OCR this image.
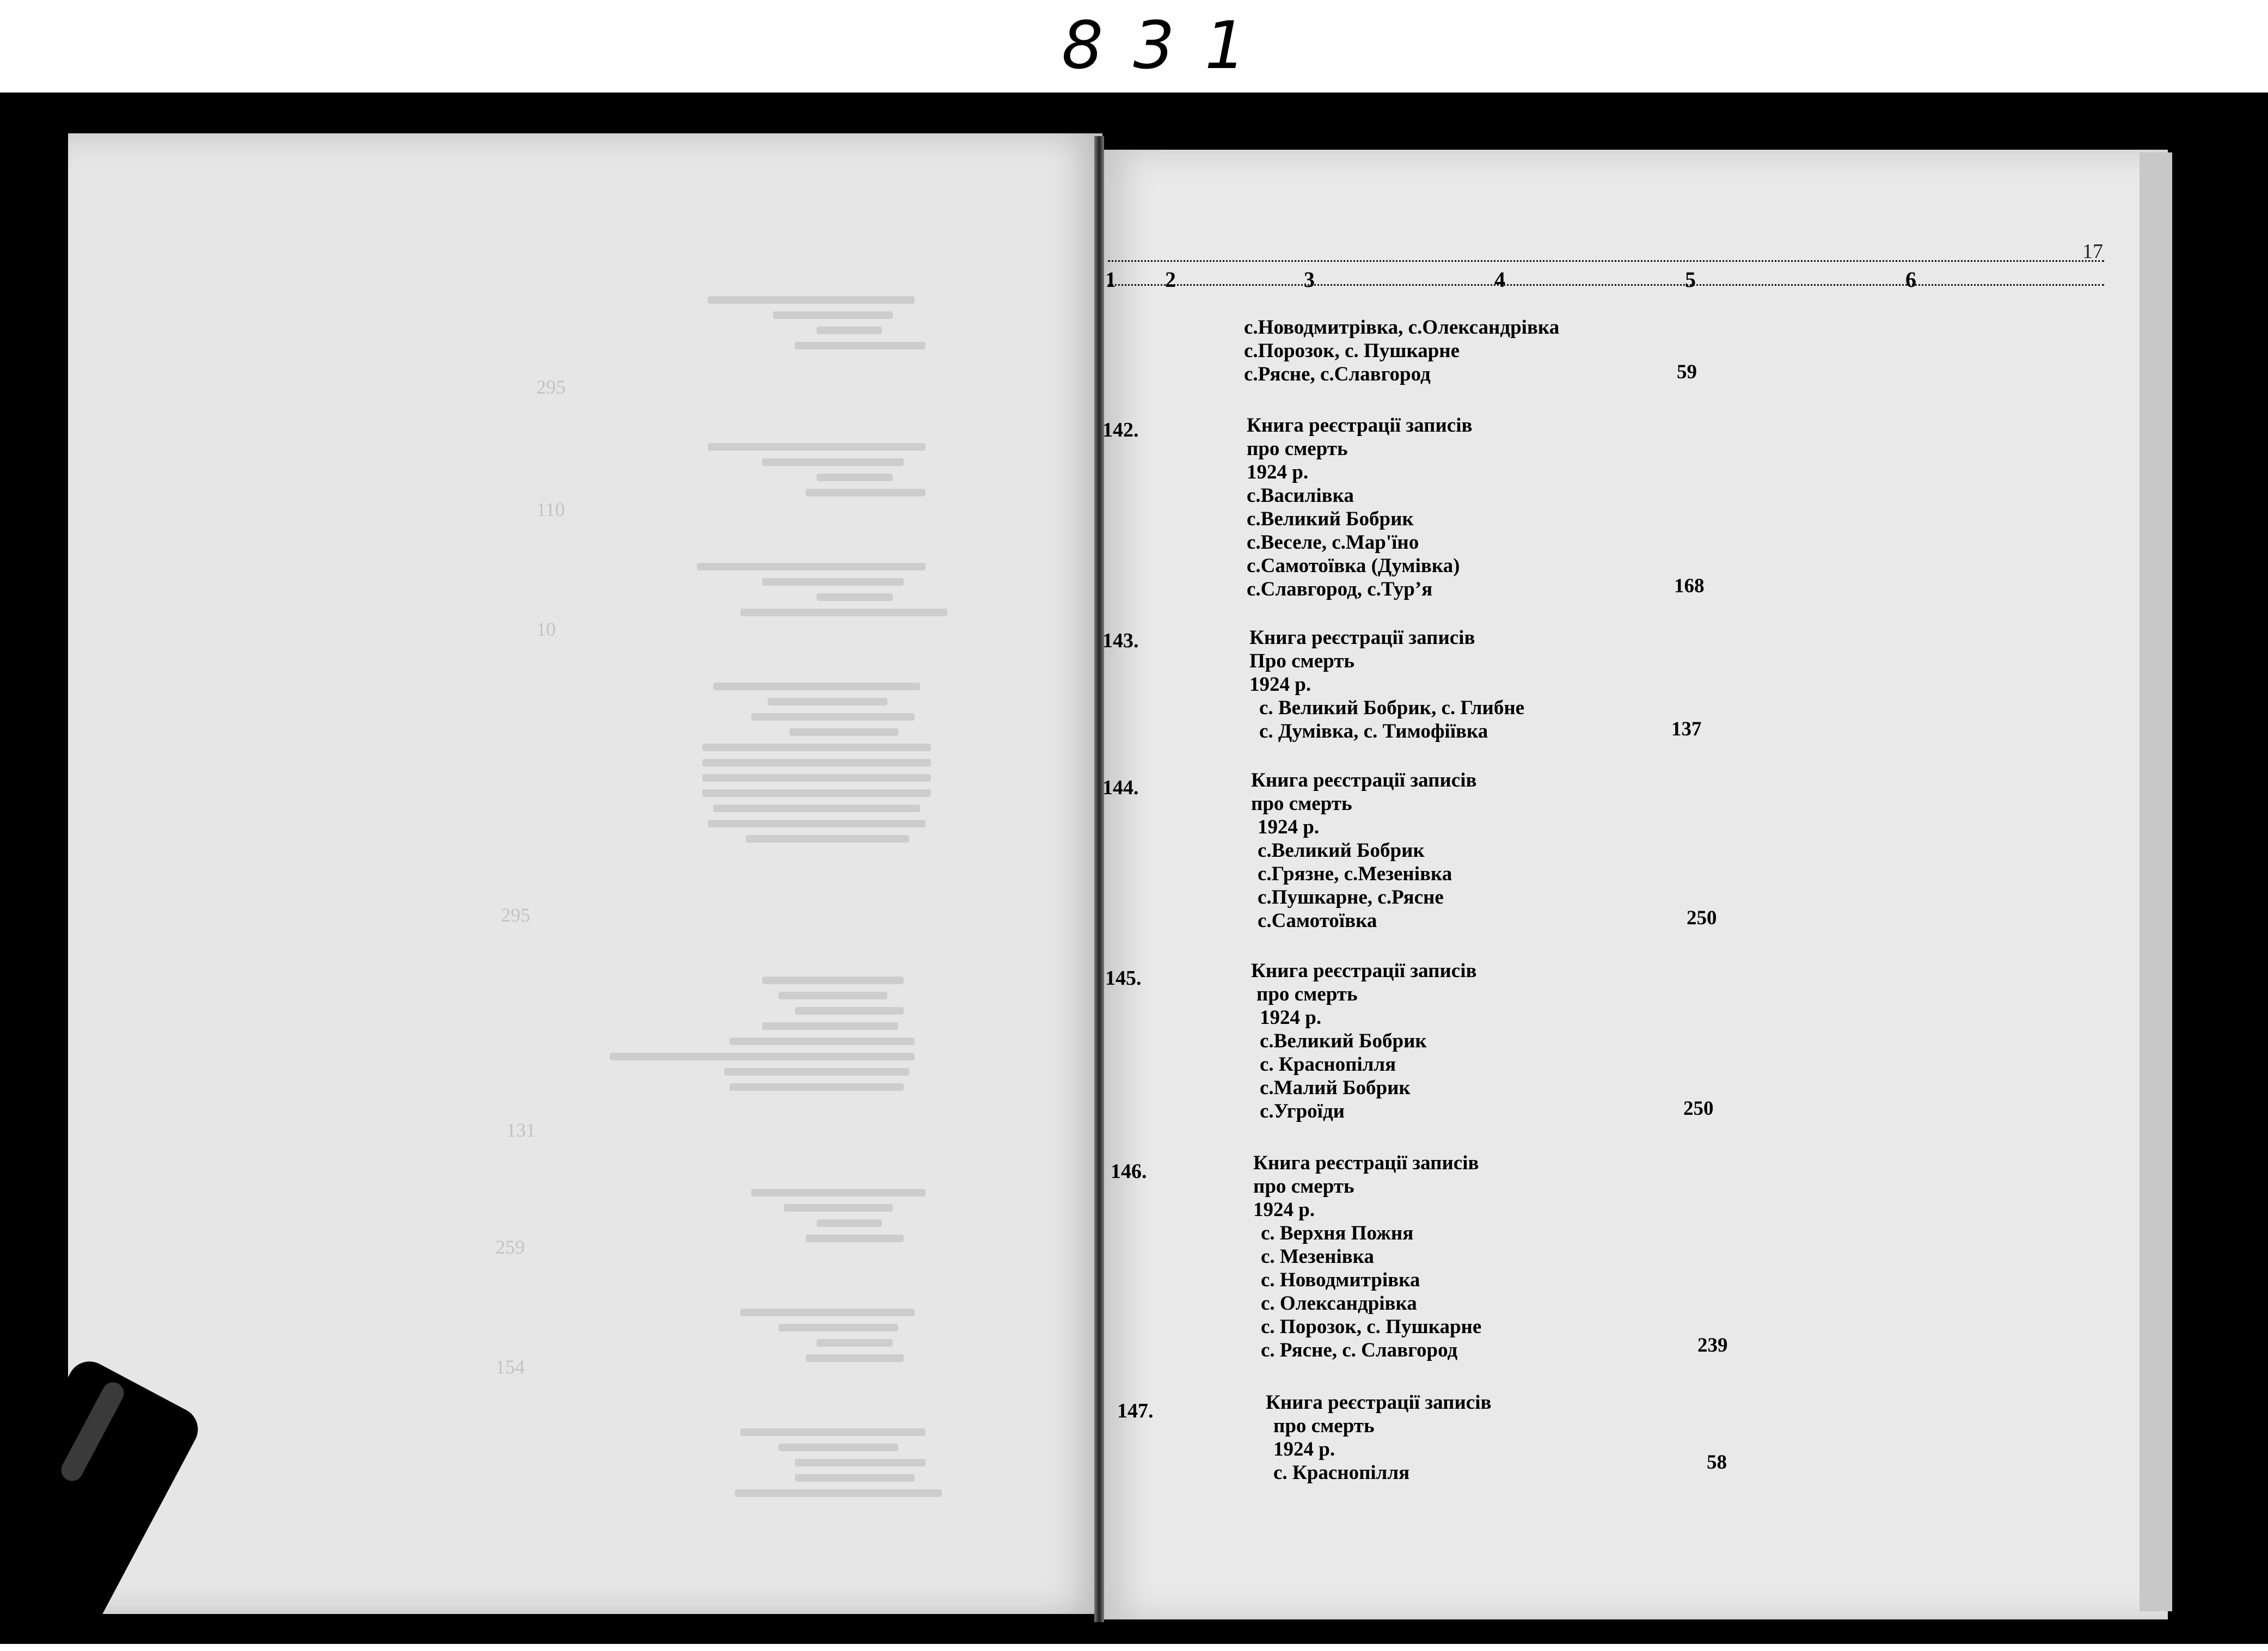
831
295
110
10
295
131
259
154
17
1 2	3	4	5	6
с.Новодмитрівка, с.Олександрівка
с.Порозок, с. Пушкарне
с.Рясне, с.Славгород	59
142.	Книга реєстрації записів
про смерть
1924 р.
с.Василівка
с.Великий Бобрик
с.Веселе, с.Мар'їно
с.Самотоївка (Думівка)
с.Славгород, с.Тур’я	168
143.	Книга реєстрації записів
Про смерть
1924 р.
с. Великий Бобрик, с. Глибне
с. Думівка, с. Тимофіївка	137
144.	Книга реєстрації записів
про смерть
1924 р.
с.Великий Бобрик
с.Грязне, с.Мезенівка
с.Пушкарне, с.Рясне
с.Самотоївка	250
145.	Книга реєстрації записів
про смерть
1924 р.
с.Великий Бобрик
с. Краснопілля
с.Малий Бобрик
с.Угроїди	250
146.	Книга реєстрації записів
про смерть
1924 р.
с. Верхня Пожня
с. Мезенівка
с. Новодмитрівка
с. Олександрівка
с. Порозок, с. Пушкарне
с. Рясне, с. Славгород	239
147.	Книга реєстрації записів
про смерть
1924 р.
с. Краснопілля	58
